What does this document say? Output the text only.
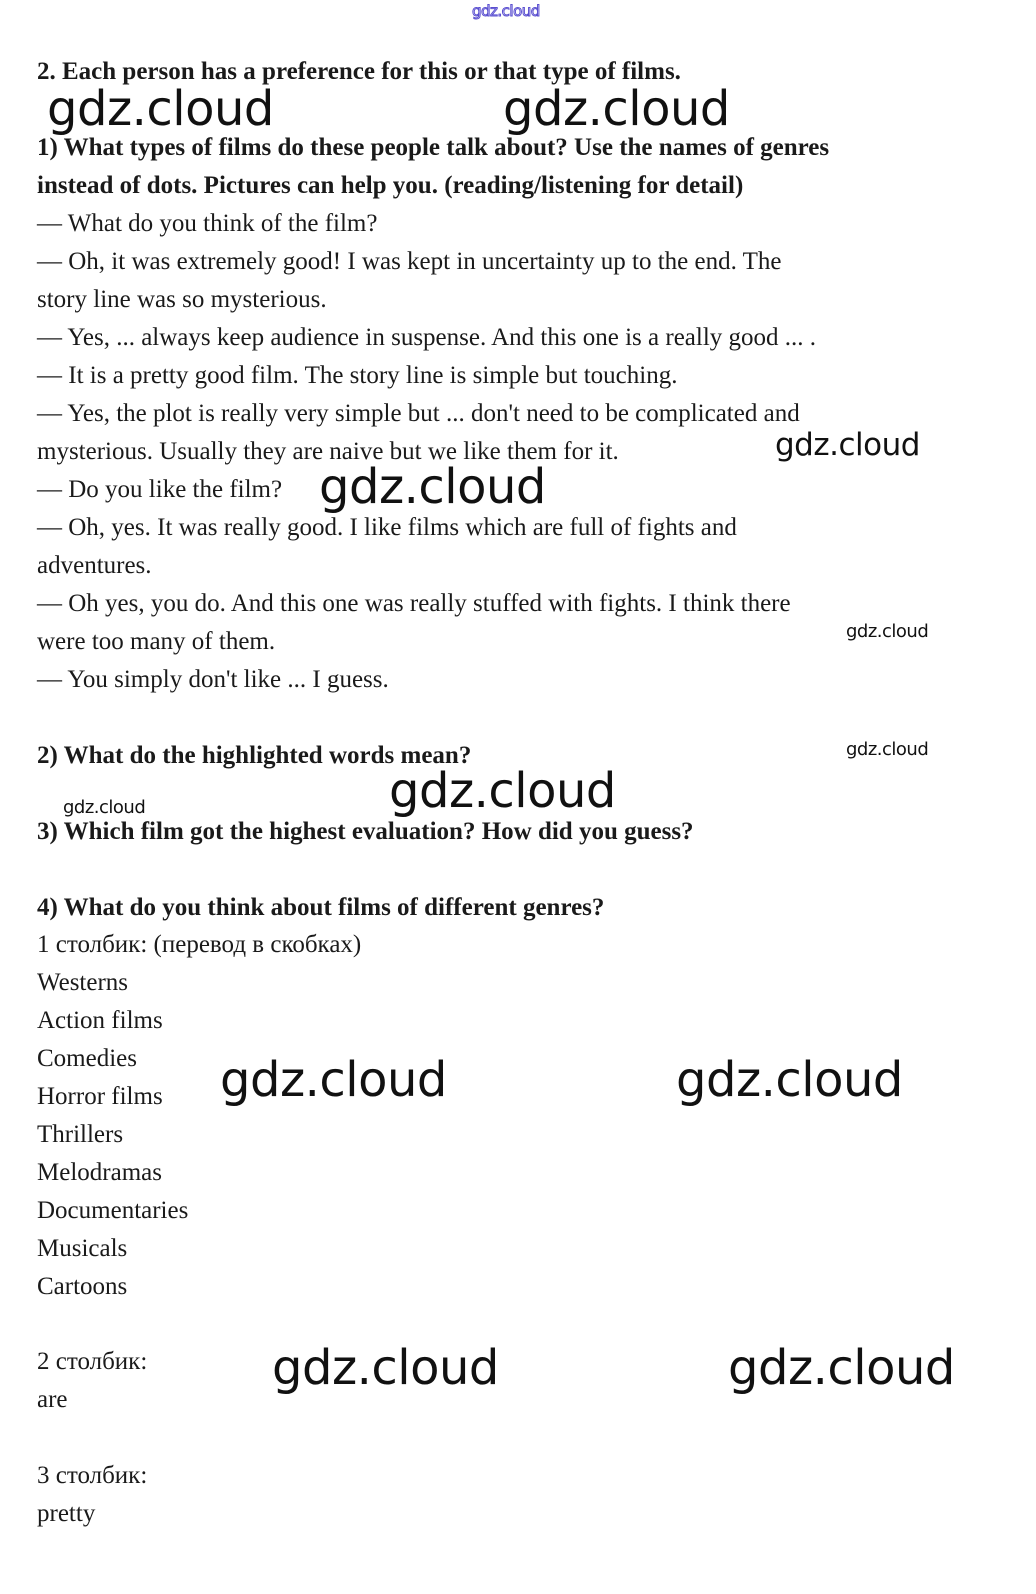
gdz.cloud

2. Each person has a preference for this or that type of films.

1) What types of films do these people talk about? Use the names of genres

instead of dots. Pictures can help you. (reading/listening for detail)

— What do you think of the film?

— Oh, it was extremely good! I was kept in uncertainty up to the end. The

story line was so mysterious.

— Yes, ... always keep audience in suspense. And this one is a really good ... .

— It is a pretty good film. The story line is simple but touching.

— Yes, the plot is really very simple but ... don't need to be complicated and

mysterious. Usually they are naive but we like them for it.

— Do you like the film?

— Oh, yes. It was really good. I like films which are full of fights and

adventures.

— Oh yes, you do. And this one was really stuffed with fights. I think there

were too many of them.

— You simply don't like ... I guess.

2) What do the highlighted words mean?

3) Which film got the highest evaluation? How did you guess?

4) What do you think about films of different genres?

1 столбик: (перевод в скобках)

Westerns

Action films

Comedies

Horror films

Thrillers

Melodramas

Documentaries

Musicals

Cartoons

2 столбик:

are

3 столбик:

pretty

gdz.cloud	gdz.cloud

gdz.cloud

gdz.cloud

gdz.cloud

gdz.cloud

gdz.cloud

gdz.cloud

gdz.cloud	gdz.cloud

gdz.cloud	gdz.cloud
